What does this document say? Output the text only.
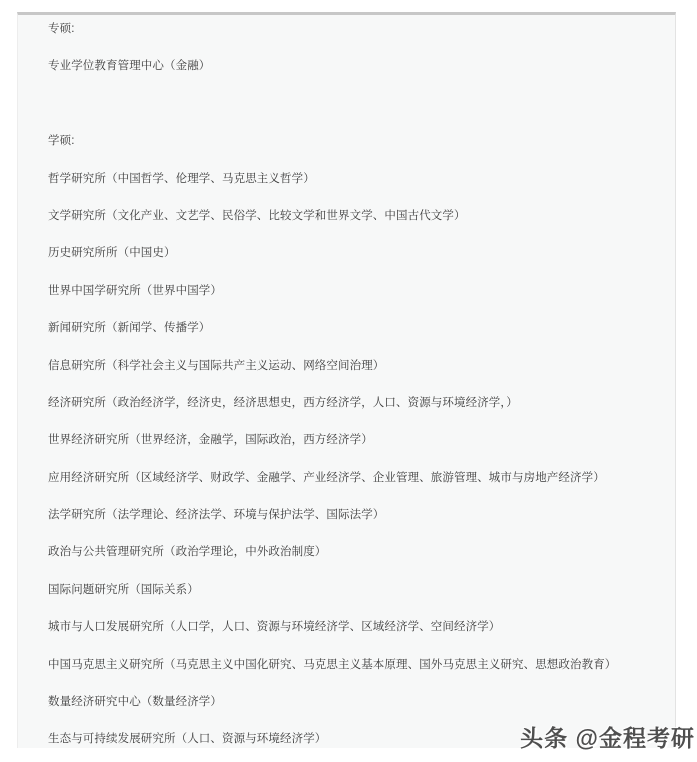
专硕:

专业学位教育管理中心（金融）

学硕:

哲学研究所（中国哲学、伦理学、马克思主义哲学）

文学研究所（文化产业、文艺学、民俗学、比较文学和世界文学、中国古代文学）

历史研究所所（中国史）

世界中国学研究所（世界中国学）

新闻研究所（新闻学、传播学）

信息研究所（科学社会主义与国际共产主义运动、网络空间治理）

经济研究所（政治经济学，经济史，经济思想史，西方经济学，人口、资源与环境经济学，）

世界经济研究所（世界经济，金融学，国际政治，西方经济学）

应用经济研究所（区域经济学、财政学、金融学、产业经济学、企业管理、旅游管理、城市与房地产经济学）

法学研究所（法学理论、经济法学、环境与保护法学、国际法学）

政治与公共管理研究所（政治学理论，中外政治制度）

国际问题研究所（国际关系）

城市与人口发展研究所（人口学，人口、资源与环境经济学、区域经济学、空间经济学）

中国马克思主义研究所（马克思主义中国化研究、马克思主义基本原理、国外马克思主义研究、思想政治教育）

数量经济研究中心（数量经济学）

生态与可持续发展研究所（人口、资源与环境经济学）	头条 @金程考研
